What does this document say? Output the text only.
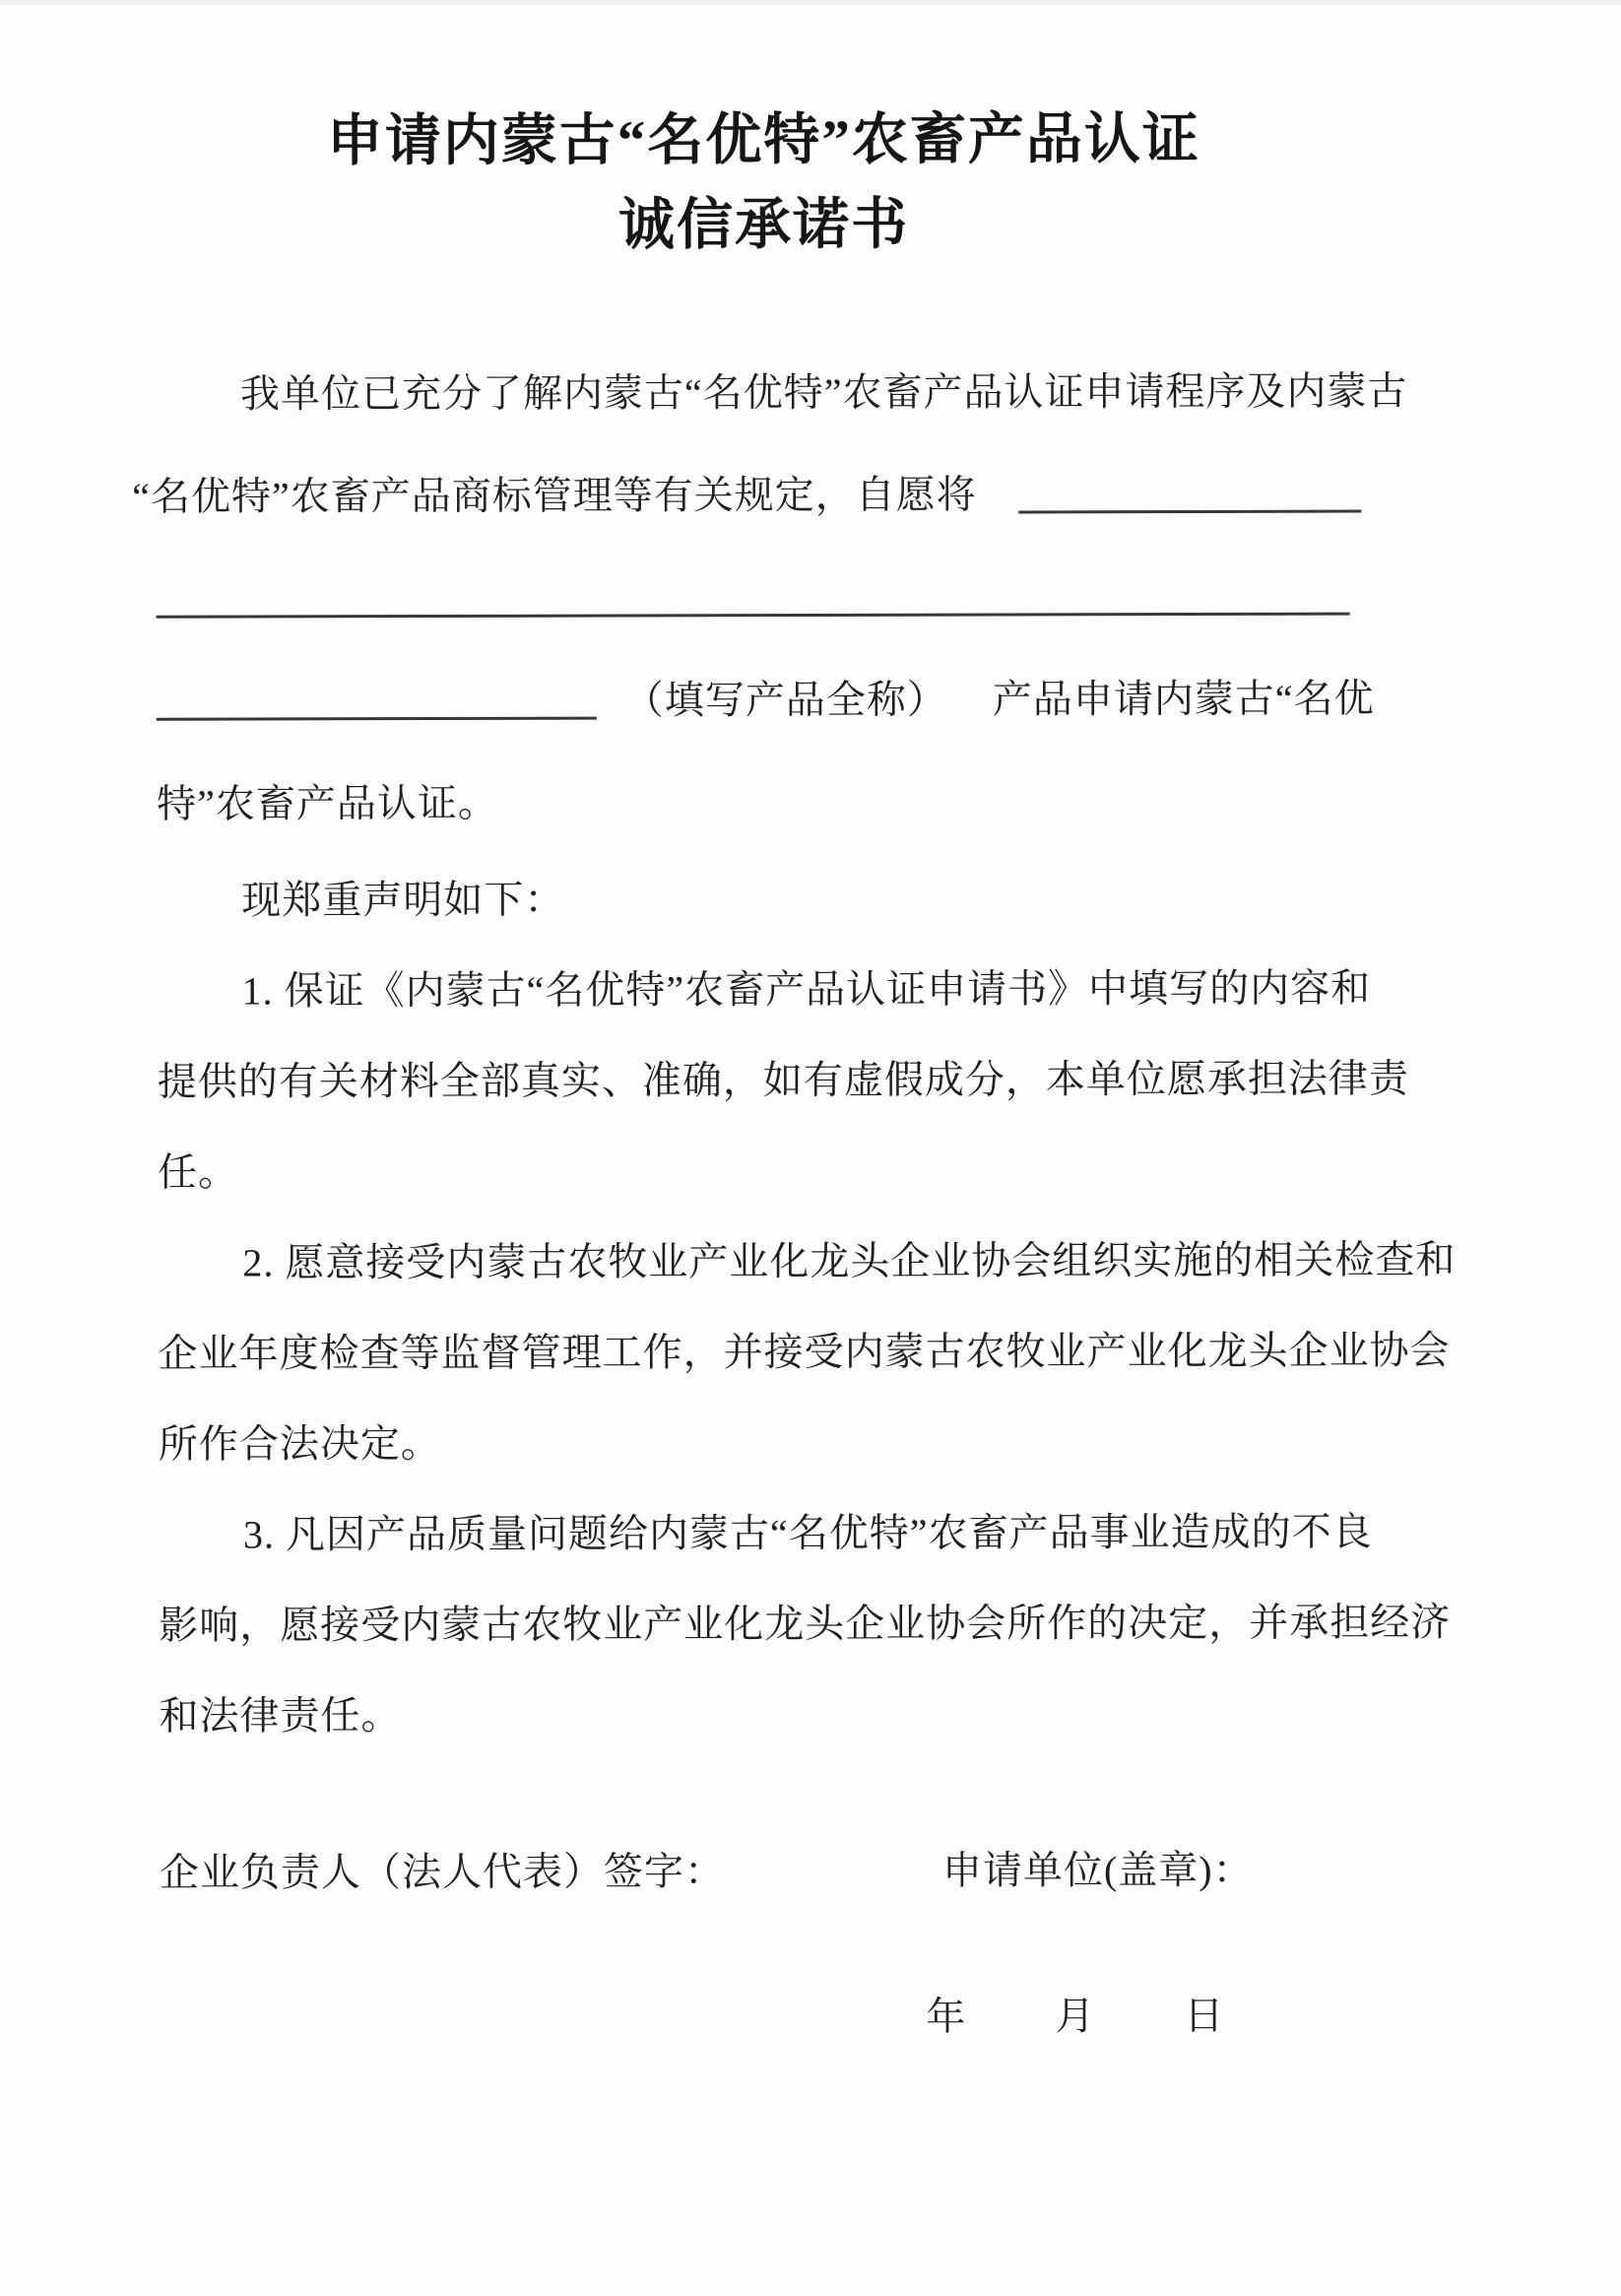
申请内蒙古“名优特”农畜产品认证
诚信承诺书
我单位已充分了解内蒙古“名优特”农畜产品认证申请程序及内蒙古
“名优特”农畜产品商标管理等有关规定，自愿将
（填写产品全称） 产品申请内蒙古“名优
特”农畜产品认证。
现郑重声明如下：
1. 保证《内蒙古“名优特”农畜产品认证申请书》中填写的内容和
提供的有关材料全部真实、准确，如有虚假成分，本单位愿承担法律责
任。
2. 愿意接受内蒙古农牧业产业化龙头企业协会组织实施的相关检查和
企业年度检查等监督管理工作，并接受内蒙古农牧业产业化龙头企业协会
所作合法决定。
3. 凡因产品质量问题给内蒙古“名优特”农畜产品事业造成的不良
影响，愿接受内蒙古农牧业产业化龙头企业协会所作的决定，并承担经济
和法律责任。
企业负责人（法人代表）签字：	申请单位(盖章)：
年 月 日
